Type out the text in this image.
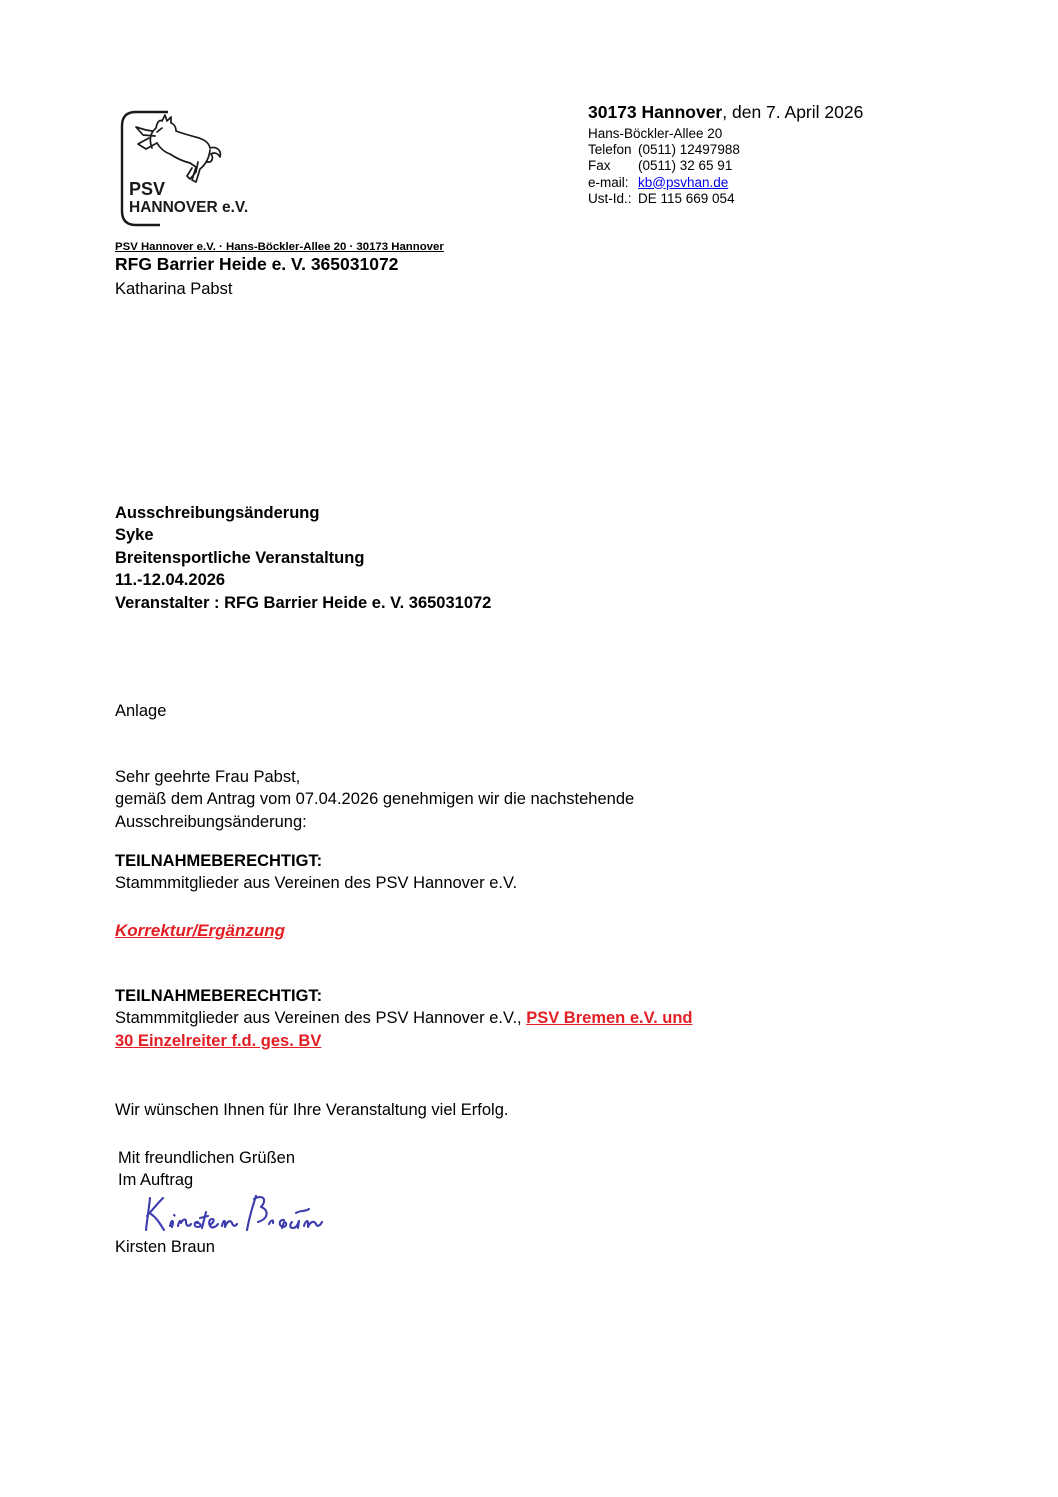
PSV
HANNOVER e.V.
30173 Hannover, den 7. April 2026
Hans-Böckler-Allee 20
Telefon (0511) 12497988
Fax (0511) 32 65 91
e-mail: kb@psvhan.de
Ust-Id.: DE 115 669 054
PSV Hannover e.V. · Hans-Böckler-Allee 20 · 30173 Hannover
RFG Barrier Heide e. V. 365031072
Katharina Pabst
Ausschreibungsänderung
Syke
Breitensportliche Veranstaltung
11.-12.04.2026
Veranstalter : RFG Barrier Heide e. V. 365031072
Anlage
Sehr geehrte Frau Pabst,
gemäß dem Antrag vom 07.04.2026 genehmigen wir die nachstehende
Ausschreibungsänderung:
TEILNAHMEBERECHTIGT:
Stammmitglieder aus Vereinen des PSV Hannover e.V.
Korrektur/Ergänzung
TEILNAHMEBERECHTIGT:
Stammmitglieder aus Vereinen des PSV Hannover e.V., PSV Bremen e.V. und
30 Einzelreiter f.d. ges. BV
Wir wünschen Ihnen für Ihre Veranstaltung viel Erfolg.
Mit freundlichen Grüßen
Im Auftrag
Kirsten Braun
